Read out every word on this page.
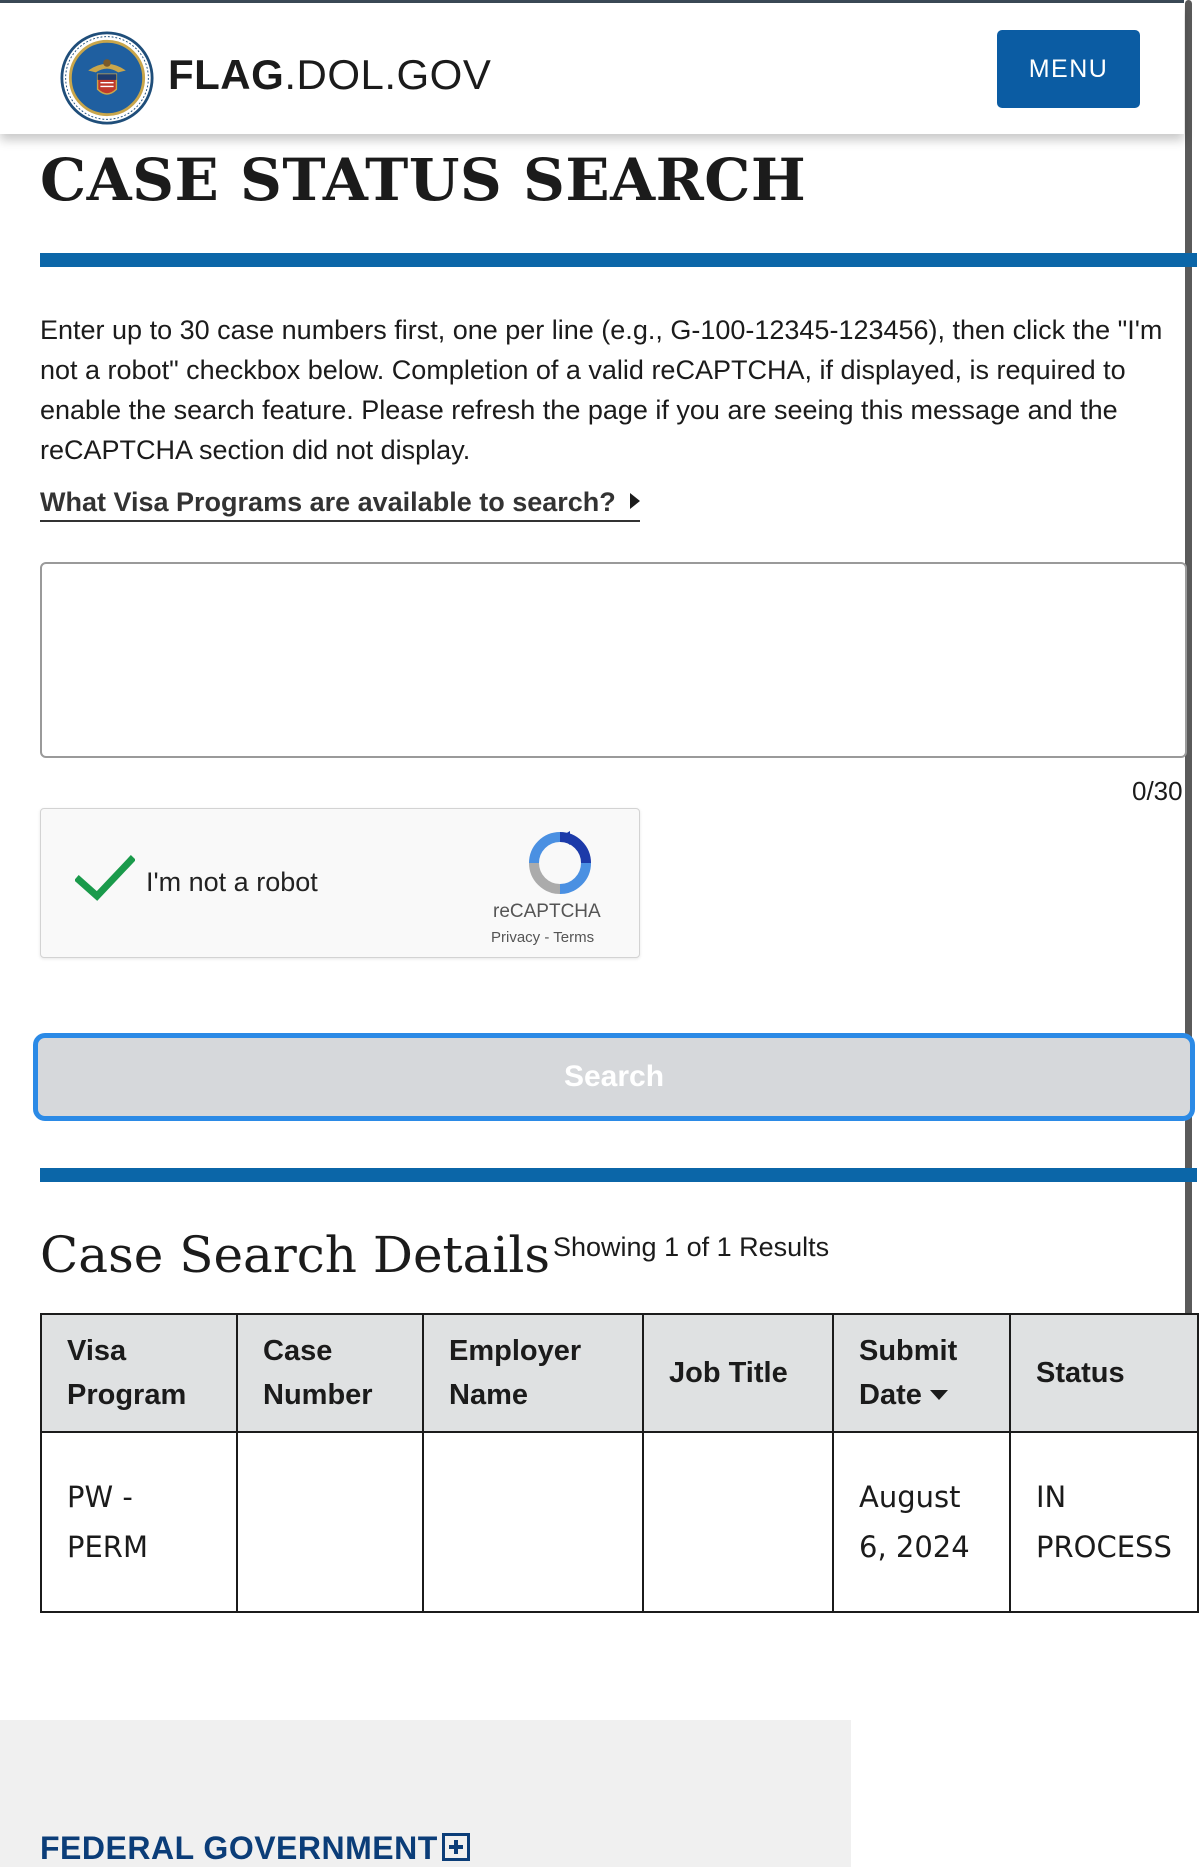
FLAG.DOL.GOV	MENU
CASE STATUS SEARCH

Enter up to 30 case numbers first, one per line (e.g., G-100-12345-123456), then click the "I'm not a robot" checkbox below. Completion of a valid reCAPTCHA, if displayed, is required to enable the search feature. Please refresh the page if you are seeing this message and the reCAPTCHA section did not display.

What Visa Programs are available to search?
0/30
I'm not a robot
reCAPTCHA
Privacy - Terms
Search
Case Search Details Showing 1 of 1 Results
Visa Program	Case Number	Employer Name	Job Title	Submit Date	Status
PW - PERM				August 6, 2024	IN PROCESS
FEDERAL GOVERNMENT
